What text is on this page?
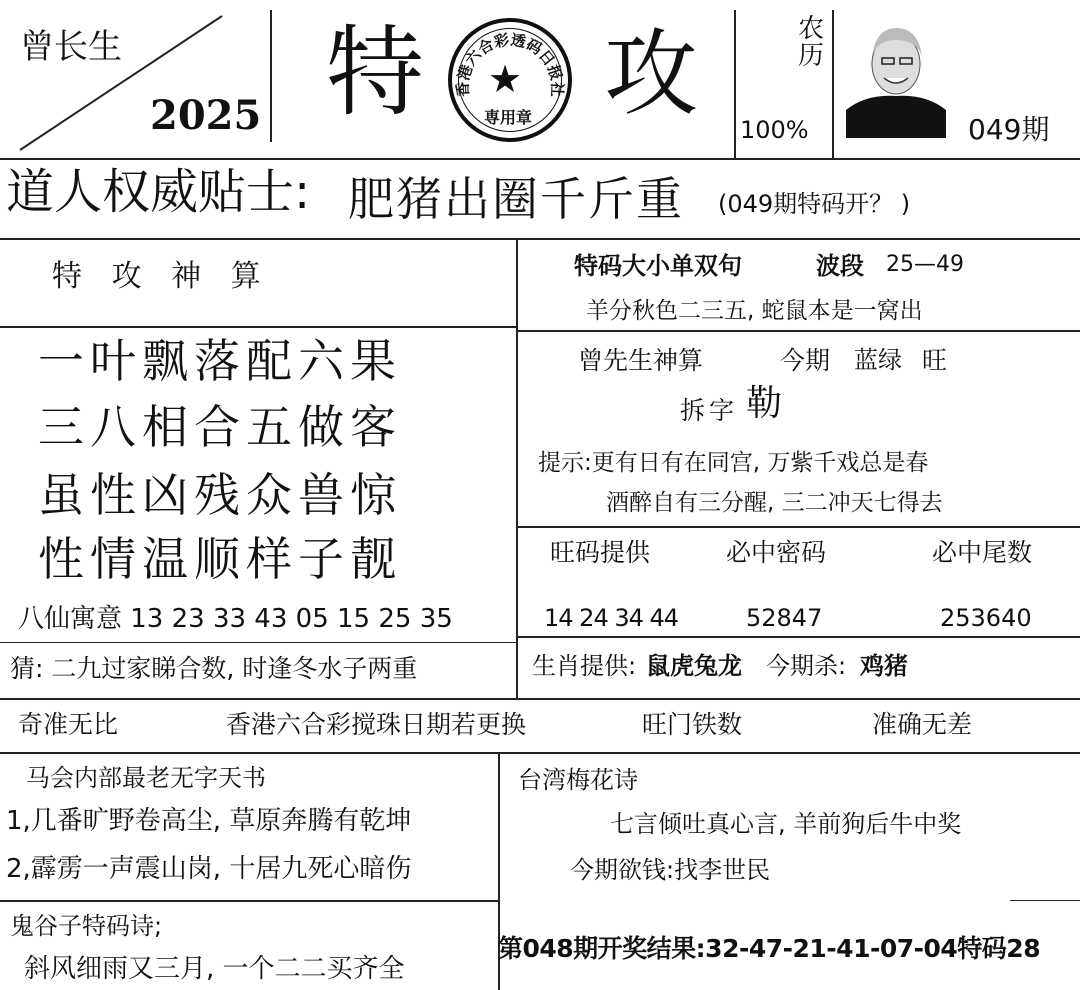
曾长生
2025 特 攻
香港六合彩透码日报社
★
専用章
农历
100%	049期
道人权威贴士: 肥猪出圈千斤重 (049期特码开？ )
特 攻 神 算
一叶飘落配六果
三八相合五做客
虽性凶残众兽惊
性情温顺样子靓
八仙寓意 13 23 33 43 05 15 25 35
猜: 二九过家睇合数, 时逢冬水子两重
特码大小单双句	波段 25—49
羊分秋色二三五, 蛇鼠本是一窝出
曾先生神算	今期 蓝绿 旺
拆字 勒
提示:更有日有在同宫, 万紫千戏总是春
酒醉自有三分醒, 三二冲天七得去
旺码提供	必中密码	必中尾数
14 24 34 44	52847	253640
生肖提供: 鼠虎兔龙 今期杀: 鸡猪
奇准无比	香港六合彩搅珠日期若更换	旺门铁数	准确无差
马会内部最老无字天书
1,几番旷野卷高尘, 草原奔腾有乾坤
2,霹雳一声震山岗, 十居九死心暗伤
台湾梅花诗
七言倾吐真心言, 羊前狗后牛中奖
今期欲钱:找李世民
鬼谷子特码诗;
斜风细雨又三月, 一个二二买齐全
第048期开奖结果:32-47-21-41-07-04特码28
